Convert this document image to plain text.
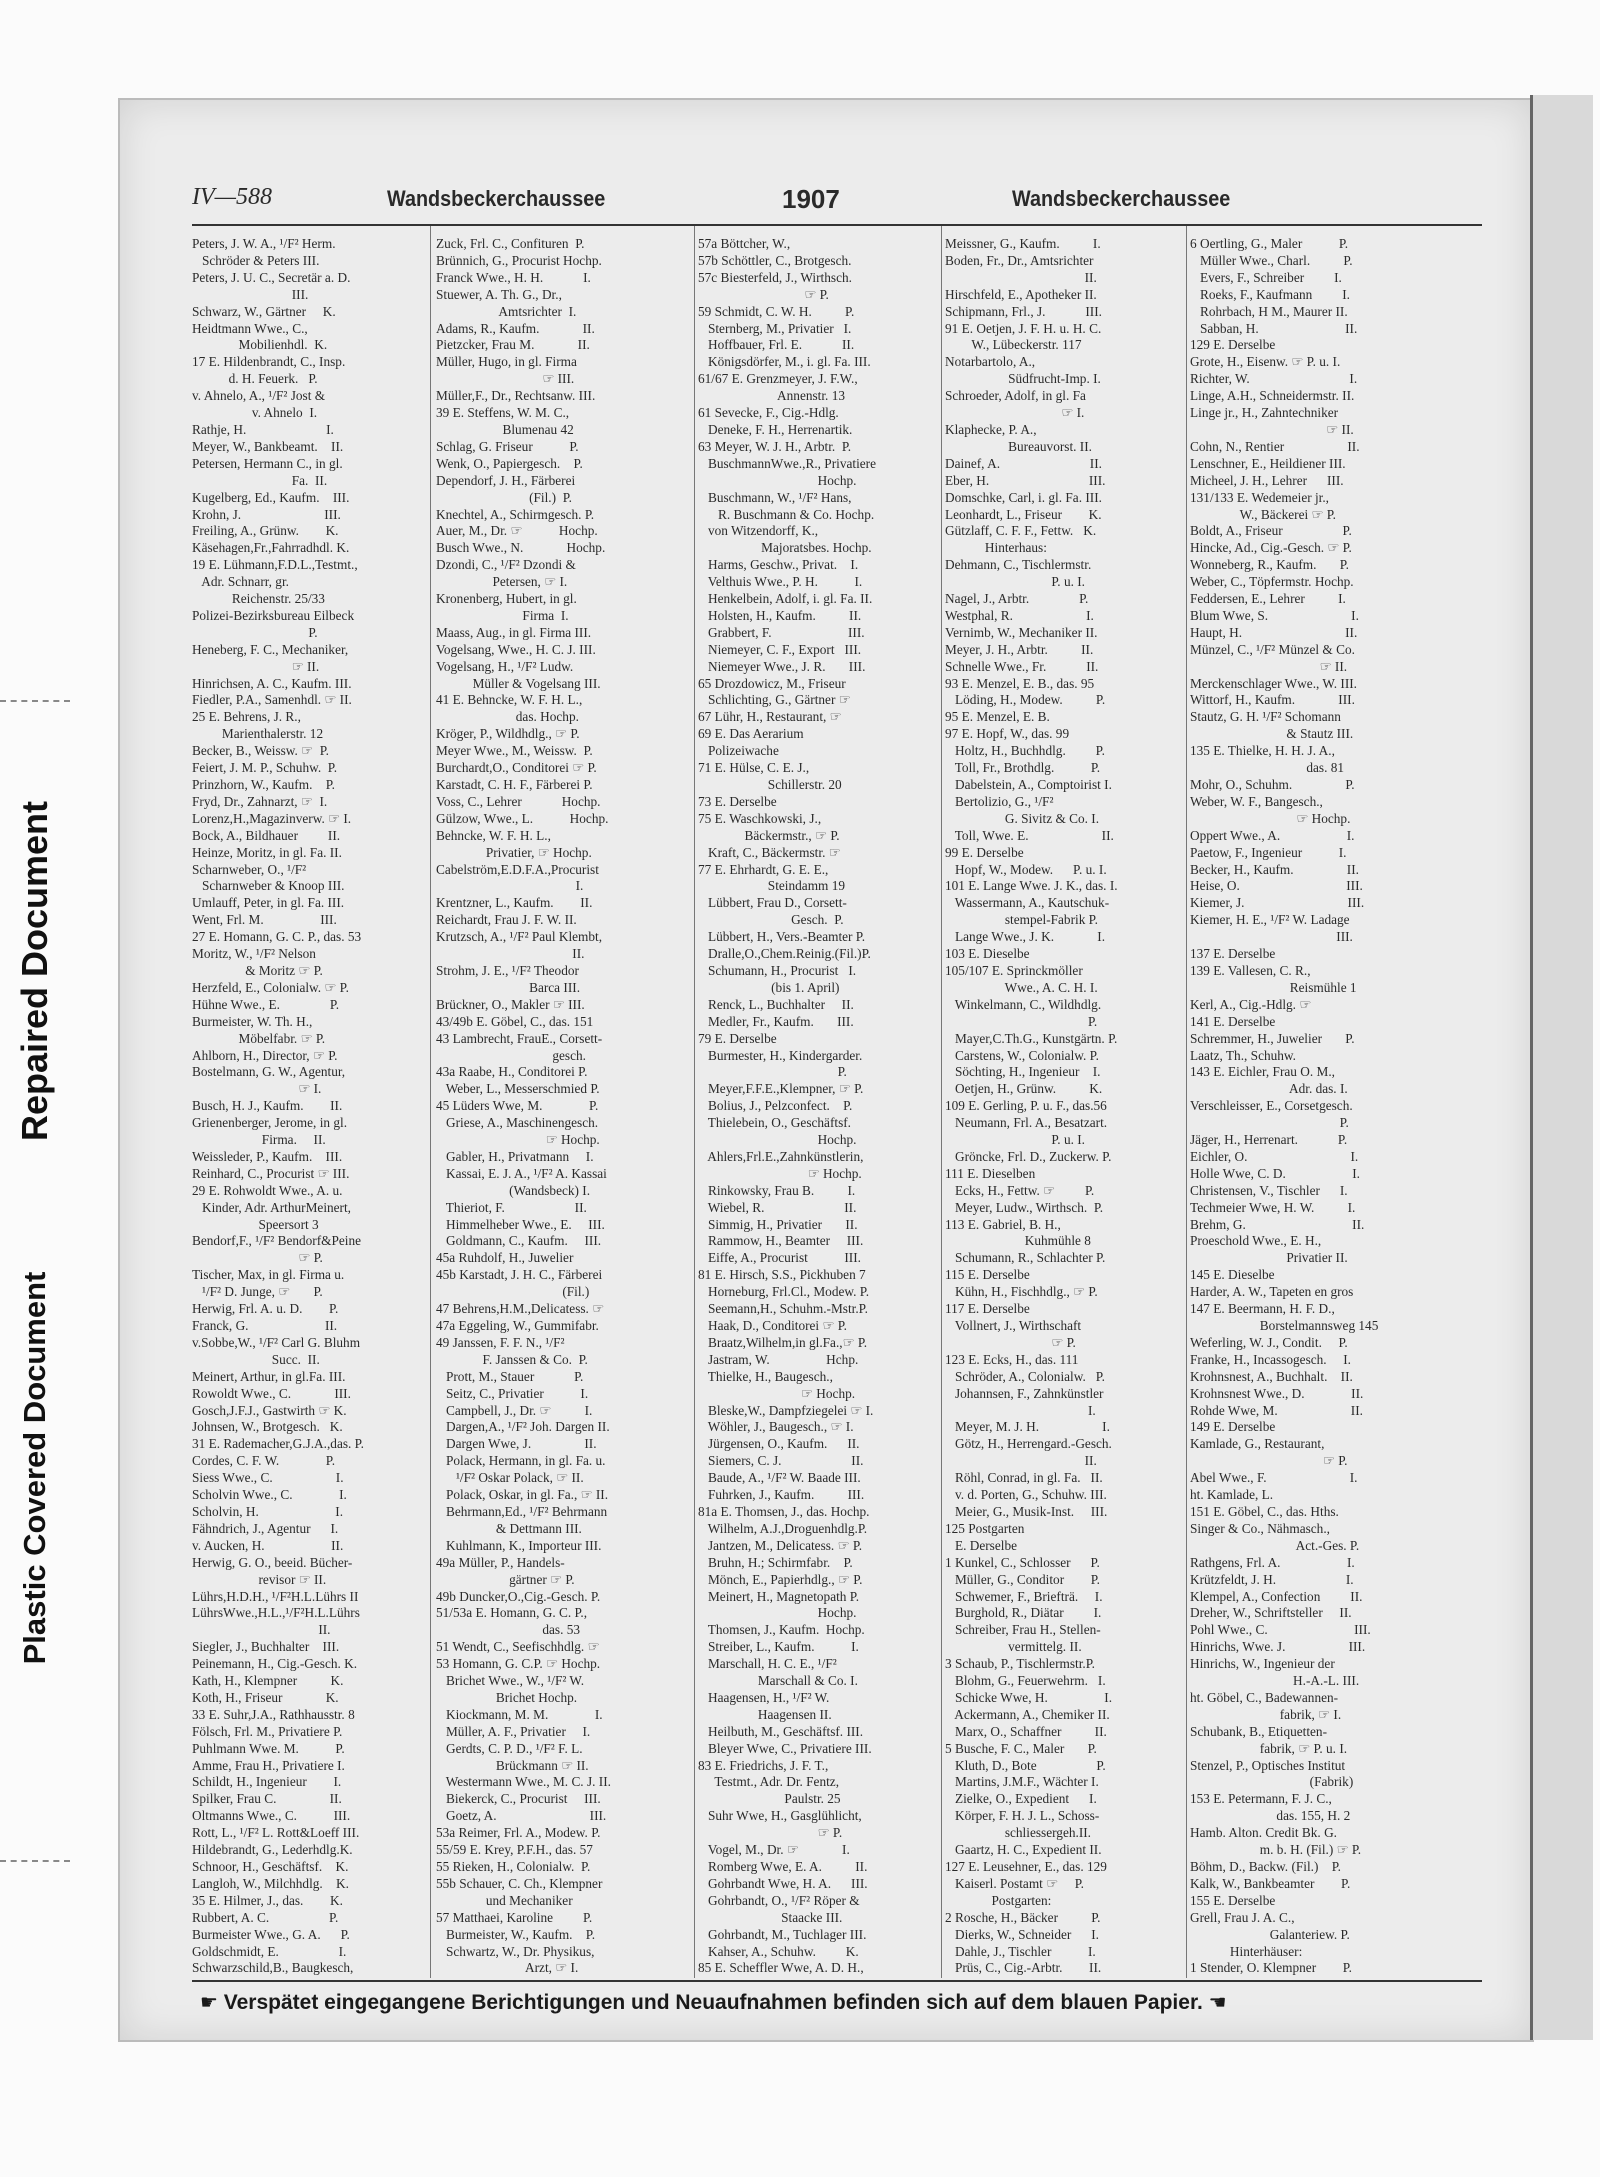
Repaired Document
Plastic Covered Document
IV—588	Wandsbeckerchaussee	1907	Wandsbeckerchaussee
Peters, J. W. A., ¹/F² Herm.
Schröder & Peters III.
Peters, J. U. C., Secretär a. D.
III.
Schwarz, W., Gärtner     K.
Heidtmann Wwe., C.,
Mobilienhdl.  K.
17 E. Hildenbrandt, C., Insp.
d. H. Feuerk.   P.
v. Ahnelo, A., ¹/F² Jost &
v. Ahnelo  I.
Rathje, H.                        I.
Meyer, W., Bankbeamt.    II.
Petersen, Hermann C., in gl.
Fa.  II.
Kugelberg, Ed., Kaufm.    III.
Krohn, J.                         III.
Freiling, A., Grünw.        K.
Käsehagen,Fr.,Fahrradhdl. K.
19 E. Lühmann,F.D.L.,Testmt.,
Adr. Schnarr, gr.
Reichenstr. 25/33
Polizei-Bezirksbureau Eilbeck
P.
Heneberg, F. C., Mechaniker,
☞ II.
Hinrichsen, A. C., Kaufm. III.
Fiedler, P.A., Samenhdl. ☞ II.
25 E. Behrens, J. R.,
Marienthalerstr. 12
Becker, B., Weissw. ☞  P.
Feiert, J. M. P., Schuhw.  P.
Prinzhorn, W., Kaufm.    P.
Fryd, Dr., Zahnarzt, ☞  I.
Lorenz,H.,Magazinverw. ☞ I.
Bock, A., Bildhauer         II.
Heinze, Moritz, in gl. Fa. II.
Scharnweber, O., ¹/F²
Scharnweber & Knoop III.
Umlauff, Peter, in gl. Fa. III.
Went, Frl. M.                 III.
27 E. Homann, G. C. P., das. 53
Moritz, W., ¹/F² Nelson
& Moritz ☞ P.
Herzfeld, E., Colonialw. ☞ P.
Hühne Wwe., E.               P.
Burmeister, W. Th. H.,
Möbelfabr. ☞ P.
Ahlborn, H., Director, ☞ P.
Bostelmann, G. W., Agentur,
☞ I.
Busch, H. J., Kaufm.        II.
Grienenberger, Jerome, in gl.
Firma.     II.
Weissleder, P., Kaufm.    III.
Reinhard, C., Procurist ☞ III.
29 E. Rohwoldt Wwe., A. u.
Kinder, Adr. ArthurMeinert,
Speersort 3
Bendorf,F., ¹/F² Bendorf&Peine
☞ P.
Tischer, Max, in gl. Firma u.
¹/F² D. Junge, ☞       P.
Herwig, Frl. A. u. D.        P.
Franck, G.                       II.
v.Sobbe,W., ¹/F² Carl G. Bluhm
Succ.  II.
Meinert, Arthur, in gl.Fa. III.
Rowoldt Wwe., C.             III.
Gosch,J.F.J., Gastwirth ☞ K.
Johnsen, W., Brotgesch.   K.
31 E. Rademacher,G.J.A.,das. P.
Cordes, C. F. W.              P.
Siess Wwe., C.                   I.
Scholvin Wwe., C.              I.
Scholvin, H.                       I.
Fähndrich, J., Agentur      I.
v. Aucken, H.                    II.
Herwig, G. O., beeid. Bücher-
revisor ☞ II.
Lührs,H.D.H., ¹/F²H.L.Lührs II
LührsWwe.,H.L.,¹/F²H.L.Lührs
II.
Siegler, J., Buchhalter    III.
Peinemann, H., Cig.-Gesch. K.
Kath, H., Klempner          K.
Koth, H., Friseur             K.
33 E. Suhr,J.A., Rathhausstr. 8
Fölsch, Frl. M., Privatiere P.
Puhlmann Wwe. M.           P.
Amme, Frau H., Privatiere I.
Schildt, H., Ingenieur        I.
Spilker, Frau C.                II.
Oltmanns Wwe., C.           III.
Rott, L., ¹/F² L. Rott&Loeff III.
Hildebrandt, G., Lederhdlg.K.
Schnoor, H., Geschäftsf.    K.
Langloh, W., Milchhdlg.    K.
35 E. Hilmer, J., das.        K.
Rubbert, A. C.                  P.
Burmeister Wwe., G. A.      P.
Goldschmidt, E.                  I.
Schwarzschild,B., Baugkesch,
Zuck, Frl. C., Confituren  P.
Brünnich, G., Procurist Hochp.
Franck Wwe., H. H.            I.
Stuewer, A. Th. G., Dr.,
Amtsrichter  I.
Adams, R., Kaufm.             II.
Pietzcker, Frau M.             II.
Müller, Hugo, in gl. Firma
☞ III.
Müller,F., Dr., Rechtsanw. III.
39 E. Steffens, W. M. C.,
Blumenau 42
Schlag, G. Friseur           P.
Wenk, O., Papiergesch.    P.
Dependorf, J. H., Färberei
(Fil.)  P.
Knechtel, A., Schirmgesch. P.
Auer, M., Dr. ☞           Hochp.
Busch Wwe., N.             Hochp.
Dzondi, C., ¹/F² Dzondi &
Petersen, ☞ I.
Kronenberg, Hubert, in gl.
Firma  I.
Maass, Aug., in gl. Firma III.
Vogelsang, Wwe., H. C. J. III.
Vogelsang, H., ¹/F² Ludw.
Müller & Vogelsang III.
41 E. Behncke, W. F. H. L.,
das. Hochp.
Kröger, P., Wildhdlg., ☞ P.
Meyer Wwe., M., Weissw.  P.
Burchardt,O., Conditorei ☞ P.
Karstadt, C. H. F., Färberei P.
Voss, C., Lehrer            Hochp.
Gülzow, Wwe., L.           Hochp.
Behncke, W. F. H. L.,
Privatier, ☞ Hochp.
Cabelström,E.D.F.A.,Procurist
I.
Krentzner, L., Kaufm.        II.
Reichardt, Frau J. F. W. II.
Krutzsch, A., ¹/F² Paul Klembt,
II.
Strohm, J. E., ¹/F² Theodor
Barca III.
Brückner, O., Makler ☞ III.
43/49b E. Göbel, C., das. 151
43 Lambrecht, FrauE., Corsett-
gesch.
43a Raabe, H., Conditorei P.
Weber, L., Messerschmied P.
45 Lüders Wwe, M.              P.
Griese, A., Maschinengesch.
☞ Hochp.
Gabler, H., Privatmann     I.
Kassai, E. J. A., ¹/F² A. Kassai
(Wandsbeck) I.
Thieriot, F.                     II.
Himmelheber Wwe., E.     III.
Goldmann, C., Kaufm.     III.
45a Ruhdolf, H., Juwelier
45b Karstadt, J. H. C., Färberei
(Fil.)
47 Behrens,H.M.,Delicatess. ☞
47a Eggeling, W., Gummifabr.
49 Janssen, F. F. N., ¹/F²
F. Janssen & Co.  P.
Prott, M., Stauer            P.
Seitz, C., Privatier           I.
Campbell, J., Dr. ☞          I.
Dargen,A., ¹/F² Joh. Dargen II.
Dargen Wwe, J.                II.
Polack, Hermann, in gl. Fa. u.
¹/F² Oskar Polack, ☞ II.
Polack, Oskar, in gl. Fa., ☞ II.
Behrmann,Ed., ¹/F² Behrmann
& Dettmann III.
Kuhlmann, K., Importeur III.
49a Müller, P., Handels-
gärtner ☞ P.
49b Duncker,O.,Cig.-Gesch. P.
51/53a E. Homann, G. C. P.,
das. 53
51 Wendt, C., Seefischhdlg. ☞
53 Homann, G. C.P. ☞ Hochp.
Brichet Wwe., W., ¹/F² W.
Brichet Hochp.
Kiockmann, M. M.              I.
Müller, A. F., Privatier     I.
Gerdts, C. P. D., ¹/F² F. L.
Brückmann ☞ II.
Westermann Wwe., M. C. J. II.
Biekerck, C., Procurist     III.
Goetz, A.                            III.
53a Reimer, Frl. A., Modew. P.
55/59 E. Krey, P.F.H., das. 57
55 Rieken, H., Colonialw.  P.
55b Schauer, C. Ch., Klempner
und Mechaniker
57 Matthaei, Karoline         P.
Burmeister, W., Kaufm.    P.
Schwartz, W., Dr. Physikus,
Arzt, ☞ I.
57a Böttcher, W.,
57b Schöttler, C., Brotgesch.
57c Biesterfeld, J., Wirthsch.
☞ P.
59 Schmidt, C. W. H.          P.
Sternberg, M., Privatier   I.
Hoffbauer, Frl. E.            II.
Königsdörfer, M., i. gl. Fa. III.
61/67 E. Grenzmeyer, J. F.W.,
Annenstr. 13
61 Sevecke, F., Cig.-Hdlg.
Deneke, F. H., Herrenartik.
63 Meyer, W. J. H., Arbtr.  P.
BuschmannWwe.,R., Privatiere
Hochp.
Buschmann, W., ¹/F² Hans,
R. Buschmann & Co. Hochp.
von Witzendorff, K.,
Majoratsbes. Hochp.
Harms, Geschw., Privat.    I.
Velthuis Wwe., P. H.           I.
Henkelbein, Adolf, i. gl. Fa. II.
Holsten, H., Kaufm.          II.
Grabbert, F.                       III.
Niemeyer, C. F., Export   III.
Niemeyer Wwe., J. R.       III.
65 Drozdowicz, M., Friseur
Schlichting, G., Gärtner ☞
67 Lühr, H., Restaurant, ☞
69 E. Das Aerarium
Polizeiwache
71 E. Hülse, C. E. J.,
Schillerstr. 20
73 E. Derselbe
75 E. Waschkowski, J.,
Bäckermstr., ☞ P.
Kraft, C., Bäckermstr. ☞
77 E. Ehrhardt, G. E. E.,
Steindamm 19
Lübbert, Frau D., Corsett-
Gesch.  P.
Lübbert, H., Vers.-Beamter P.
Dralle,O.,Chem.Reinig.(Fil.)P.
Schumann, H., Procurist   I.
(bis 1. April)
Renck, L., Buchhalter     II.
Medler, Fr., Kaufm.       III.
79 E. Derselbe
Burmester, H., Kindergarder.
P.
Meyer,F.F.E.,Klempner, ☞ P.
Bolius, J., Pelzconfect.    P.
Thielebein, O., Geschäftsf.
Hochp.
Ahlers,Frl.E.,Zahnkünstlerin,
☞ Hochp.
Rinkowsky, Frau B.          I.
Wiebel, R.                        II.
Simmig, H., Privatier       II.
Rammow, H., Beamter     III.
Eiffe, A., Procurist           III.
81 E. Hirsch, S.S., Pickhuben 7
Horneburg, Frl.Cl., Modew. P.
Seemann,H., Schuhm.-Mstr.P.
Haak, D., Conditorei ☞ P.
Braatz,Wilhelm,in gl.Fa.,☞ P.
Jastram, W.                 Hchp.
Thielke, H., Baugesch.,
☞ Hochp.
Bleske,W., Dampfziegelei ☞ I.
Wöhler, J., Baugesch., ☞ I.
Jürgensen, O., Kaufm.      II.
Siemers, C. J.                     II.
Baude, A., ¹/F² W. Baade III.
Fuhrken, J., Kaufm.          III.
81a E. Thomsen, J., das. Hochp.
Wilhelm, A.J.,Droguenhdlg.P.
Jantzen, M., Delicatess. ☞ P.
Bruhn, H.; Schirmfabr.    P.
Mönch, E., Papierhdlg., ☞ P.
Meinert, H., Magnetopath P.
Hochp.
Thomsen, J., Kaufm.  Hochp.
Streiber, L., Kaufm.           I.
Marschall, H. C. E., ¹/F²
Marschall & Co. I.
Haagensen, H., ¹/F² W.
Haagensen II.
Heilbuth, M., Geschäftsf. III.
Bleyer Wwe, C., Privatiere III.
83 E. Friedrichs, J. F. T.,
Testmt., Adr. Dr. Fentz,
Paulstr. 25
Suhr Wwe, H., Gasglühlicht,
☞ P.
Vogel, M., Dr. ☞             I.
Romberg Wwe, E. A.          II.
Gohrbandt Wwe, H. A.      III.
Gohrbandt, O., ¹/F² Röper &
Staacke III.
Gohrbandt, M., Tuchlager III.
Kahser, A., Schuhw.         K.
85 E. Scheffler Wwe, A. D. H.,
Meissner, G., Kaufm.          I.
Boden, Fr., Dr., Amtsrichter
II.
Hirschfeld, E., Apotheker II.
Schipmann, Frl., J.            III.
91 E. Oetjen, J. F. H. u. H. C.
W., Lübeckerstr. 117
Notarbartolo, A.,
Südfrucht-Imp. I.
Schroeder, Adolf, in gl. Fa
☞ I.
Klaphecke, P. A.,
Bureauvorst. II.
Dainef, A.                           II.
Eber, H.                              III.
Domschke, Carl, i. gl. Fa. III.
Leonhardt, L., Friseur        K.
Gützlaff, C. F. F., Fettw.   K.
Hinterhaus:
Dehmann, C., Tischlermstr.
P. u. I.
Nagel, J., Arbtr.               P.
Westphal, R.                      I.
Vernimb, W., Mechaniker II.
Meyer, J. H., Arbtr.          II.
Schnelle Wwe., Fr.            II.
93 E. Menzel, E. B., das. 95
Löding, H., Modew.          P.
95 E. Menzel, E. B.
97 E. Hopf, W., das. 99
Holtz, H., Buchhdlg.         P.
Toll, Fr., Brothdlg.           P.
Dabelstein, A., Comptoirist I.
Bertolizio, G., ¹/F²
G. Sivitz & Co. I.
Toll, Wwe. E.                      II.
99 E. Derselbe
Hopf, W., Modew.      P. u. I.
101 E. Lange Wwe. J. K., das. I.
Wassermann, A., Kautschuk-
stempel-Fabrik P.
Lange Wwe., J. K.             I.
103 E. Dieselbe
105/107 E. Sprinckmöller
Wwe., A. C. H. I.
Winkelmann, C., Wildhdlg.
P.
Mayer,C.Th.G., Kunstgärtn. P.
Carstens, W., Colonialw. P.
Söchting, H., Ingenieur    I.
Oetjen, H., Grünw.          K.
109 E. Gerling, P. u. F., das.56
Neumann, Frl. A., Besatzart.
P. u. I.
Gröncke, Frl. D., Zuckerw. P.
111 E. Dieselben
Ecks, H., Fettw. ☞         P.
Meyer, Ludw., Wirthsch.  P.
113 E. Gabriel, B. H.,
Kuhmühle 8
Schumann, R., Schlachter P.
115 E. Derselbe
Kühn, H., Fischhdlg., ☞ P.
117 E. Derselbe
Vollnert, J., Wirthschaft
☞ P.
123 E. Ecks, H., das. 111
Schröder, A., Colonialw.   P.
Johannsen, F., Zahnkünstler
I.
Meyer, M. J. H.                   I.
Götz, H., Herrengard.-Gesch.
II.
Röhl, Conrad, in gl. Fa.   II.
v. d. Porten, G., Schuhw. III.
Meier, G., Musik-Inst.     III.
125 Postgarten
E. Derselbe
1 Kunkel, C., Schlosser      P.
Müller, G., Conditor        P.
Schwemer, F., Briefträ.     I.
Burghold, R., Diätar         I.
Schreiber, Frau H., Stellen-
vermittelg. II.
3 Schaub, P., Tischlermstr.P.
Blohm, G., Feuerwehrm.   I.
Schicke Wwe, H.                 I.
Ackermann, A., Chemiker II.
Marx, O., Schaffner          II.
5 Busche, F. C., Maler       P.
Kluth, D., Bote                  P.
Martins, J.M.F., Wächter I.
Zielke, O., Expedient      I.
Körper, F. H. J. L., Schoss-
schliessergeh.II.
Gaartz, H. C., Expedient II.
127 E. Leusehner, E., das. 129
Kaiserl. Postamt ☞     P.
Postgarten:
2 Rosche, H., Bäcker          P.
Dierks, W., Schneider      I.
Dahle, J., Tischler           I.
Prüs, C., Cig.-Arbtr.        II.
6 Oertling, G., Maler           P.
Müller Wwe., Charl.          P.
Evers, F., Schreiber         I.
Roeks, F., Kaufmann         I.
Rohrbach, H M., Maurer II.
Sabban, H.                          II.
129 E. Derselbe
Grote, H., Eisenw. ☞ P. u. I.
Richter, W.                              I.
Linge, A.H., Schneidermstr. II.
Linge jr., H., Zahntechniker
☞ II.
Cohn, N., Rentier                   II.
Lenschner, E., Heildiener III.
Micheel, J. H., Lehrer      III.
131/133 E. Wedemeier jr.,
W., Bäckerei ☞ P.
Boldt, A., Friseur                  P.
Hincke, Ad., Cig.-Gesch. ☞ P.
Wonneberg, R., Kaufm.       P.
Weber, C., Töpfermstr. Hochp.
Feddersen, E., Lehrer          I.
Blum Wwe, S.                         I.
Haupt, H.                               II.
Münzel, C., ¹/F² Münzel & Co.
☞ II.
Merckenschlager Wwe., W. III.
Wittorf, H., Kaufm.             III.
Stautz, G. H. ¹/F² Schomann
& Stautz III.
135 E. Thielke, H. H. J. A.,
das. 81
Mohr, O., Schuhm.                P.
Weber, W. F., Bangesch.,
☞ Hochp.
Oppert Wwe., A.                    I.
Paetow, F., Ingenieur           I.
Becker, H., Kaufm.                II.
Heise, O.                                III.
Kiemer, J.                               III.
Kiemer, H. E., ¹/F² W. Ladage
III.
137 E. Derselbe
139 E. Vallesen, C. R.,
Reismühle 1
Kerl, A., Cig.-Hdlg. ☞
141 E. Derselbe
Schremmer, H., Juwelier       P.
Laatz, Th., Schuhw.
143 E. Eichler, Frau O. M.,
Adr. das. I.
Verschleisser, E., Corsetgesch.
P.
Jäger, H., Herrenart.            P.
Eichler, O.                               I.
Holle Wwe, C. D.                    I.
Christensen, V., Tischler      I.
Techmeier Wwe, H. W.          I.
Brehm, G.                                II.
Proeschold Wwe., E. H.,
Privatier II.
145 E. Dieselbe
Harder, A. W., Tapeten en gros
147 E. Beermann, H. F. D.,
Borstelmannsweg 145
Weferling, W. J., Condit.     P.
Franke, H., Incassogesch.     I.
Krohnsnest, A., Buchhalt.    II.
Krohnsnest Wwe., D.              II.
Rohde Wwe, M.                      II.
149 E. Derselbe
Kamlade, G., Restaurant,
☞ P.
Abel Wwe., F.                         I.
ht. Kamlade, L.
151 E. Göbel, C., das. Hths.
Singer & Co., Nähmasch.,
Act.-Ges. P.
Rathgens, Frl. A.                    I.
Krützfeldt, J. H.                     I.
Klempel, A., Confection         II.
Dreher, W., Schriftsteller     II.
Pohl Wwe., C.                          III.
Hinrichs, Wwe. J.                   III.
Hinrichs, W., Ingenieur der
H.-A.-L. III.
ht. Göbel, C., Badewannen-
fabrik, ☞ I.
Schubank, B., Etiquetten-
fabrik, ☞ P. u. I.
Stenzel, P., Optisches Institut
(Fabrik)
153 E. Petermann, F. J. C.,
das. 155, H. 2
Hamb. Alton. Credit Bk. G.
m. b. H. (Fil.) ☞ P.
Böhm, D., Backw. (Fil.)    P.
Kalk, W., Bankbeamter        P.
155 E. Derselbe
Grell, Frau J. A. C.,
Galanteriew. P.
Hinterhäuser:
1 Stender, O. Klempner        P.
☛ Verspätet eingegangene Berichtigungen und Neuaufnahmen befinden sich auf dem blauen Papier. ☚
